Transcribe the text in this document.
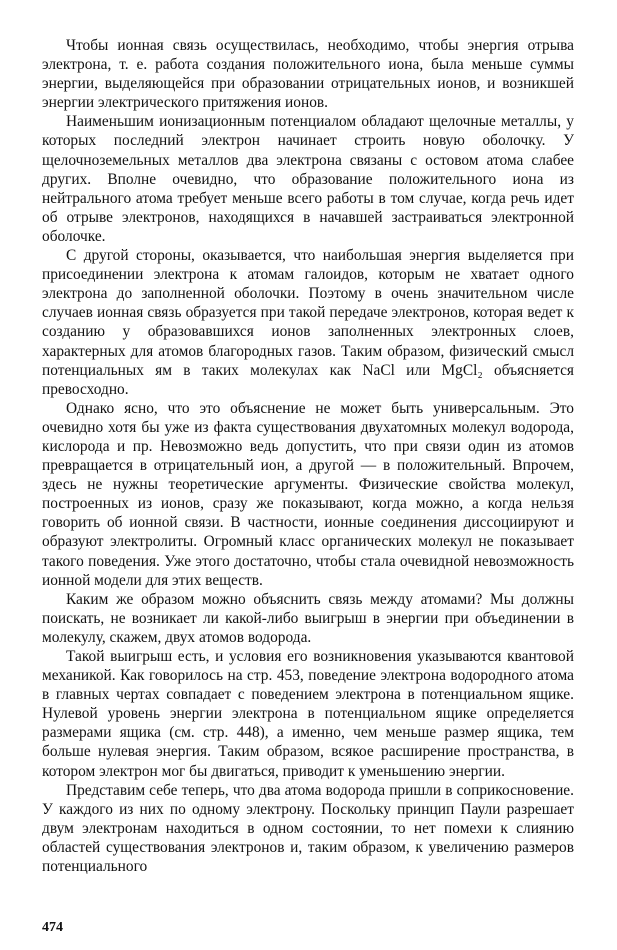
Чтобы ионная связь осуществилась, необходимо, чтобы энергия отрыва электрона, т. е. работа создания положительного иона, была меньше суммы энергии, выделяющейся при образовании отрицательных ионов, и возникшей энергии электрического притяжения ионов.

Наименьшим ионизационным потенциалом обладают щелочные металлы, у которых последний электрон начинает строить новую оболочку. У щелочноземельных металлов два электрона связаны с остовом атома слабее других. Вполне очевидно, что образование положительного иона из нейтрального атома требует меньше всего работы в том случае, когда речь идет об отрыве электронов, находящихся в начавшей застраиваться электронной оболочке.

С другой стороны, оказывается, что наибольшая энергия выделяется при присоединении электрона к атомам галоидов, которым не хватает одного электрона до заполненной оболочки. Поэтому в очень значительном числе случаев ионная связь образуется при такой передаче электронов, которая ведет к созданию у образовавшихся ионов заполненных электронных слоев, характерных для атомов благородных газов. Таким образом, физический смысл потенциальных ям в таких молекулах как NaCl или MgCl₂ объясняется превосходно.

Однако ясно, что это объяснение не может быть универсальным. Это очевидно хотя бы уже из факта существования двухатомных молекул водорода, кислорода и пр. Невозможно ведь допустить, что при связи один из атомов превращается в отрицательный ион, а другой — в положительный. Впрочем, здесь не нужны теоретические аргументы. Физические свойства молекул, построенных из ионов, сразу же показывают, когда можно, а когда нельзя говорить об ионной связи. В частности, ионные соединения диссоциируют и образуют электролиты. Огромный класс органических молекул не показывает такого поведения. Уже этого достаточно, чтобы стала очевидной невозможность ионной модели для этих веществ.

Каким же образом можно объяснить связь между атомами? Мы должны поискать, не возникает ли какой-либо выигрыш в энергии при объединении в молекулу, скажем, двух атомов водорода.

Такой выигрыш есть, и условия его возникновения указываются квантовой механикой. Как говорилось на стр. 453, поведение электрона водородного атома в главных чертах совпадает с поведением электрона в потенциальном ящике. Нулевой уровень энергии электрона в потенциальном ящике определяется размерами ящика (см. стр. 448), а именно, чем меньше размер ящика, тем больше нулевая энергия. Таким образом, всякое расширение пространства, в котором электрон мог бы двигаться, приводит к уменьшению энергии.

Представим себе теперь, что два атома водорода пришли в соприкосновение. У каждого из них по одному электрону. Поскольку принцип Паули разрешает двум электронам находиться в одном состоянии, то нет помехи к слиянию областей существования электронов и, таким образом, к увеличению размеров потенциального

474
